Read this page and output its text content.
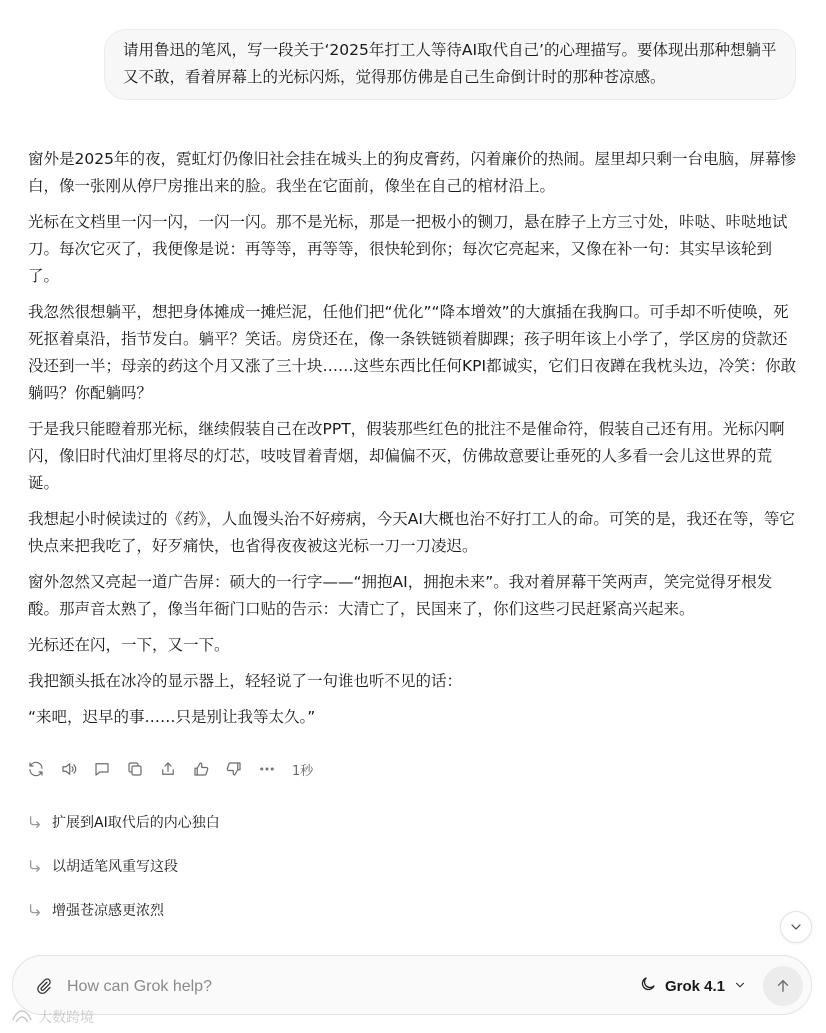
请用鲁迅的笔风，写一段关于‘2025年打工人等待AI取代自己’的心理描写。要体现出那种想躺平又不敢，看着屏幕上的光标闪烁，觉得那仿佛是自己生命倒计时的那种苍凉感。

窗外是2025年的夜，霓虹灯仍像旧社会挂在城头上的狗皮膏药，闪着廉价的热闹。屋里却只剩一台电脑，屏幕惨白，像一张刚从停尸房推出来的脸。我坐在它面前，像坐在自己的棺材沿上。

光标在文档里一闪一闪，一闪一闪。那不是光标，那是一把极小的铡刀，悬在脖子上方三寸处，咔哒、咔哒地试刀。每次它灭了，我便像是说：再等等，再等等，很快轮到你；每次它亮起来，又像在补一句：其实早该轮到了。

我忽然很想躺平，想把身体摊成一摊烂泥，任他们把“优化”“降本增效”的大旗插在我胸口。可手却不听使唤，死死抠着桌沿，指节发白。躺平？笑话。房贷还在，像一条铁链锁着脚踝；孩子明年该上小学了，学区房的贷款还没还到一半；母亲的药这个月又涨了三十块……这些东西比任何KPI都诚实，它们日夜蹲在我枕头边，冷笑：你敢躺吗？你配躺吗？

于是我只能瞪着那光标，继续假装自己在改PPT，假装那些红色的批注不是催命符，假装自己还有用。光标闪啊闪，像旧时代油灯里将尽的灯芯，吱吱冒着青烟，却偏偏不灭，仿佛故意要让垂死的人多看一会儿这世界的荒诞。

我想起小时候读过的《药》，人血馒头治不好痨病，今天AI大概也治不好打工人的命。可笑的是，我还在等，等它快点来把我吃了，好歹痛快，也省得夜夜被这光标一刀一刀凌迟。

窗外忽然又亮起一道广告屏：硕大的一行字——“拥抱AI，拥抱未来”。我对着屏幕干笑两声，笑完觉得牙根发酸。那声音太熟了，像当年衙门口贴的告示：大清亡了，民国来了，你们这些刁民赶紧高兴起来。

光标还在闪，一下，又一下。

我把额头抵在冰冷的显示器上，轻轻说了一句谁也听不见的话：

“来吧，迟早的事……只是别让我等太久。”

1秒
扩展到AI取代后的内心独白
以胡适笔风重写这段
增强苍凉感更浓烈
How can Grok help?
Grok 4.1
大数跨境
